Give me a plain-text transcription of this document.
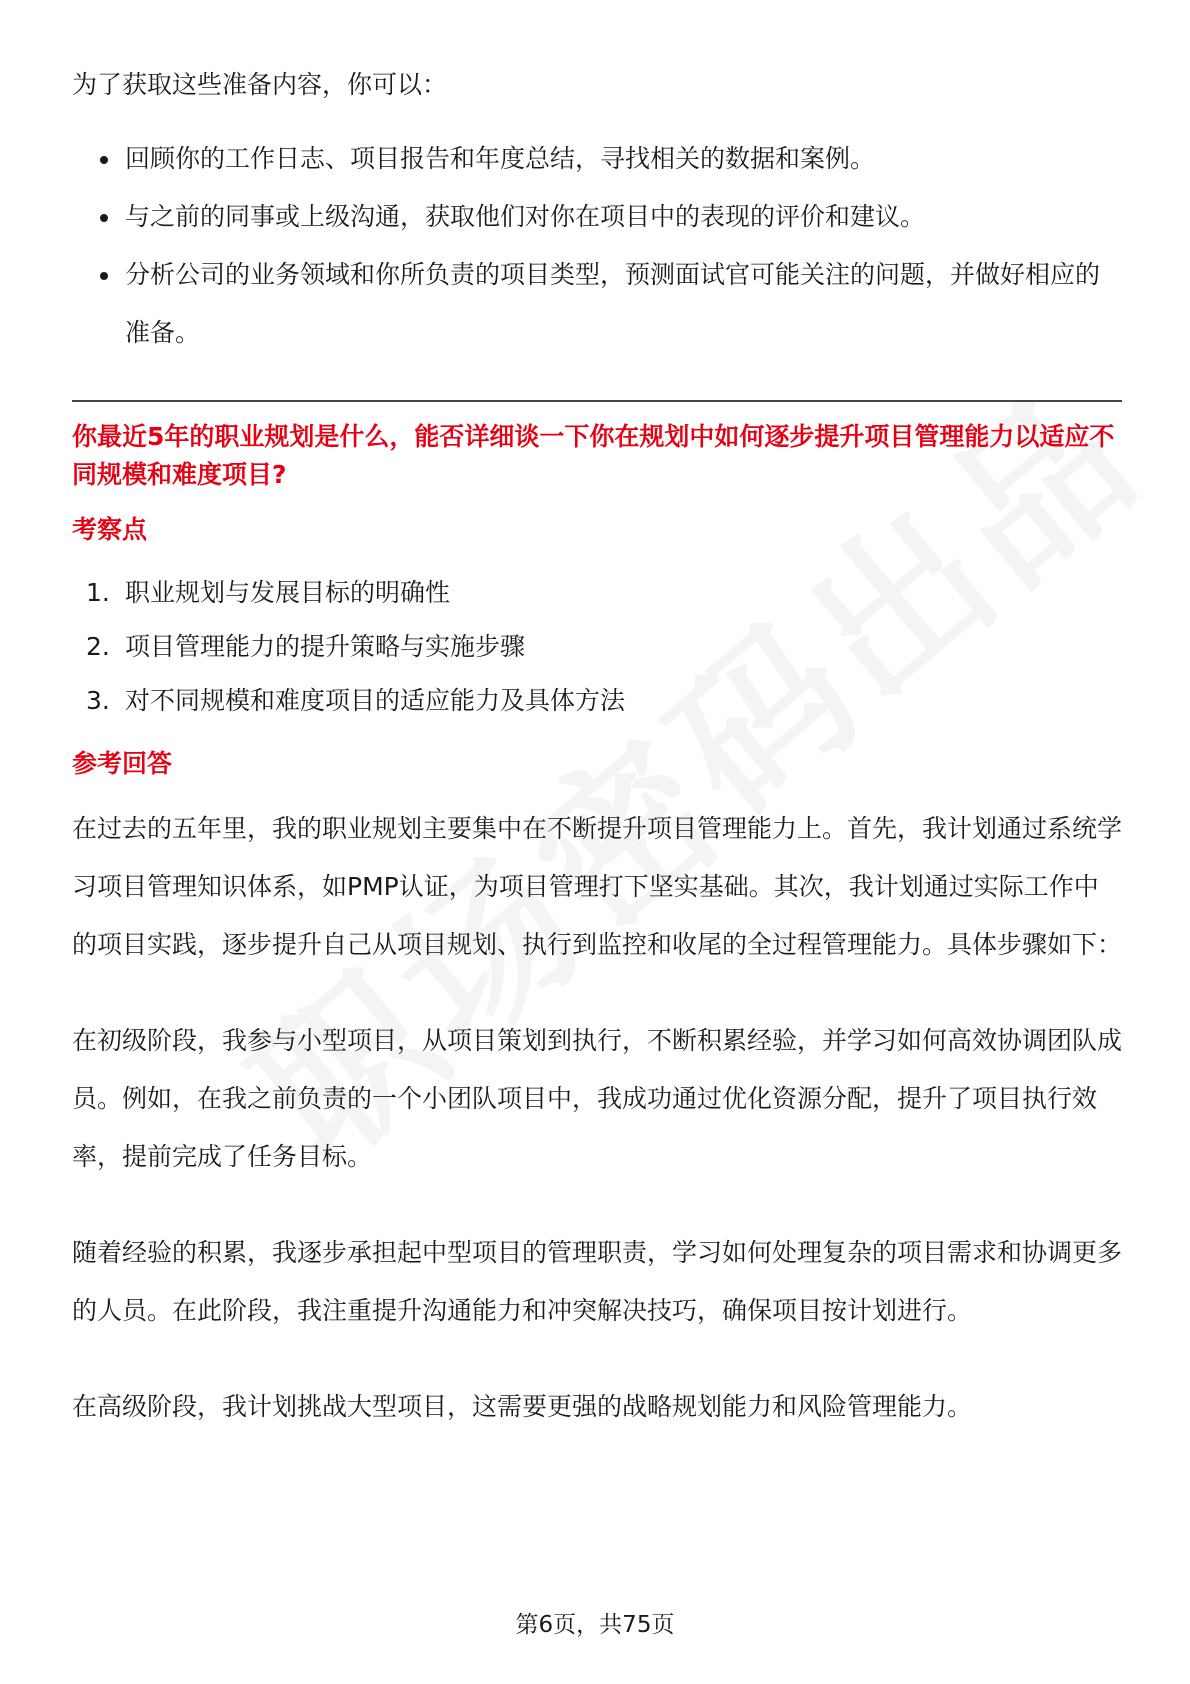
为了获取这些准备内容，你可以：

回顾你的工作日志、项目报告和年度总结，寻找相关的数据和案例。
与之前的同事或上级沟通，获取他们对你在项目中的表现的评价和建议。
分析公司的业务领域和你所负责的项目类型，预测面试官可能关注的问题，并做好相应的准备。

你最近5年的职业规划是什么，能否详细谈一下你在规划中如何逐步提升项目管理能力以适应不同规模和难度项目?

考察点
1. 职业规划与发展目标的明确性
2. 项目管理能力的提升策略与实施步骤
3. 对不同规模和难度项目的适应能力及具体方法
参考回答

在过去的五年里，我的职业规划主要集中在不断提升项目管理能力上。首先，我计划通过系统学习项目管理知识体系，如PMP认证，为项目管理打下坚实基础。其次，我计划通过实际工作中的项目实践，逐步提升自己从项目规划、执行到监控和收尾的全过程管理能力。具体步骤如下：

在初级阶段，我参与小型项目，从项目策划到执行，不断积累经验，并学习如何高效协调团队成员。例如，在我之前负责的一个小团队项目中，我成功通过优化资源分配，提升了项目执行效率，提前完成了任务目标。

随着经验的积累，我逐步承担起中型项目的管理职责，学习如何处理复杂的项目需求和协调更多的人员。在此阶段，我注重提升沟通能力和冲突解决技巧，确保项目按计划进行。

在高级阶段，我计划挑战大型项目，这需要更强的战略规划能力和风险管理能力。

第6页，共75页
